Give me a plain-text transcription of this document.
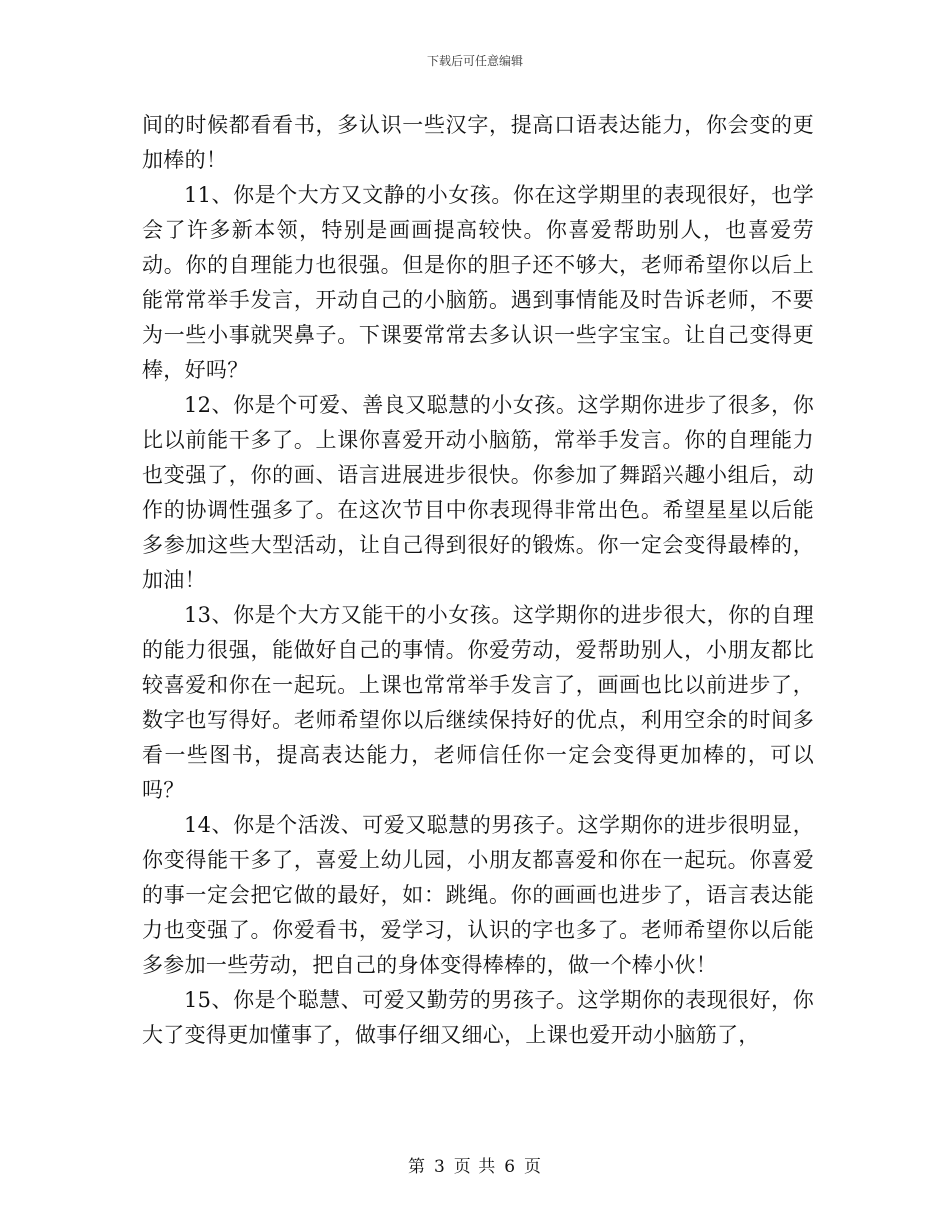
下载后可任意编辑

间的时候都看看书，多认识一些汉字，提高口语表达能力，你会变的更加棒的！

11、你是个大方又文静的小女孩。你在这学期里的表现很好，也学会了许多新本领，特别是画画提高较快。你喜爱帮助别人，也喜爱劳动。你的自理能力也很强。但是你的胆子还不够大，老师希望你以后上能常常举手发言，开动自己的小脑筋。遇到事情能及时告诉老师，不要为一些小事就哭鼻子。下课要常常去多认识一些字宝宝。让自己变得更棒，好吗？

12、你是个可爱、善良又聪慧的小女孩。这学期你进步了很多，你比以前能干多了。上课你喜爱开动小脑筋，常举手发言。你的自理能力也变强了，你的画、语言进展进步很快。你参加了舞蹈兴趣小组后，动作的协调性强多了。在这次节目中你表现得非常出色。希望星星以后能多参加这些大型活动，让自己得到很好的锻炼。你一定会变得最棒的，加油！

13、你是个大方又能干的小女孩。这学期你的进步很大，你的自理的能力很强，能做好自己的事情。你爱劳动，爱帮助别人，小朋友都比较喜爱和你在一起玩。上课也常常举手发言了，画画也比以前进步了，数字也写得好。老师希望你以后继续保持好的优点，利用空余的时间多看一些图书，提高表达能力，老师信任你一定会变得更加棒的，可以吗？

14、你是个活泼、可爱又聪慧的男孩子。这学期你的进步很明显，你变得能干多了，喜爱上幼儿园，小朋友都喜爱和你在一起玩。你喜爱的事一定会把它做的最好，如：跳绳。你的画画也进步了，语言表达能力也变强了。你爱看书，爱学习，认识的字也多了。老师希望你以后能多参加一些劳动，把自己的身体变得棒棒的，做一个棒小伙！

15、你是个聪慧、可爱又勤劳的男孩子。这学期你的表现很好，你大了变得更加懂事了，做事仔细又细心，上课也爱开动小脑筋了，

第 3 页 共 6 页
